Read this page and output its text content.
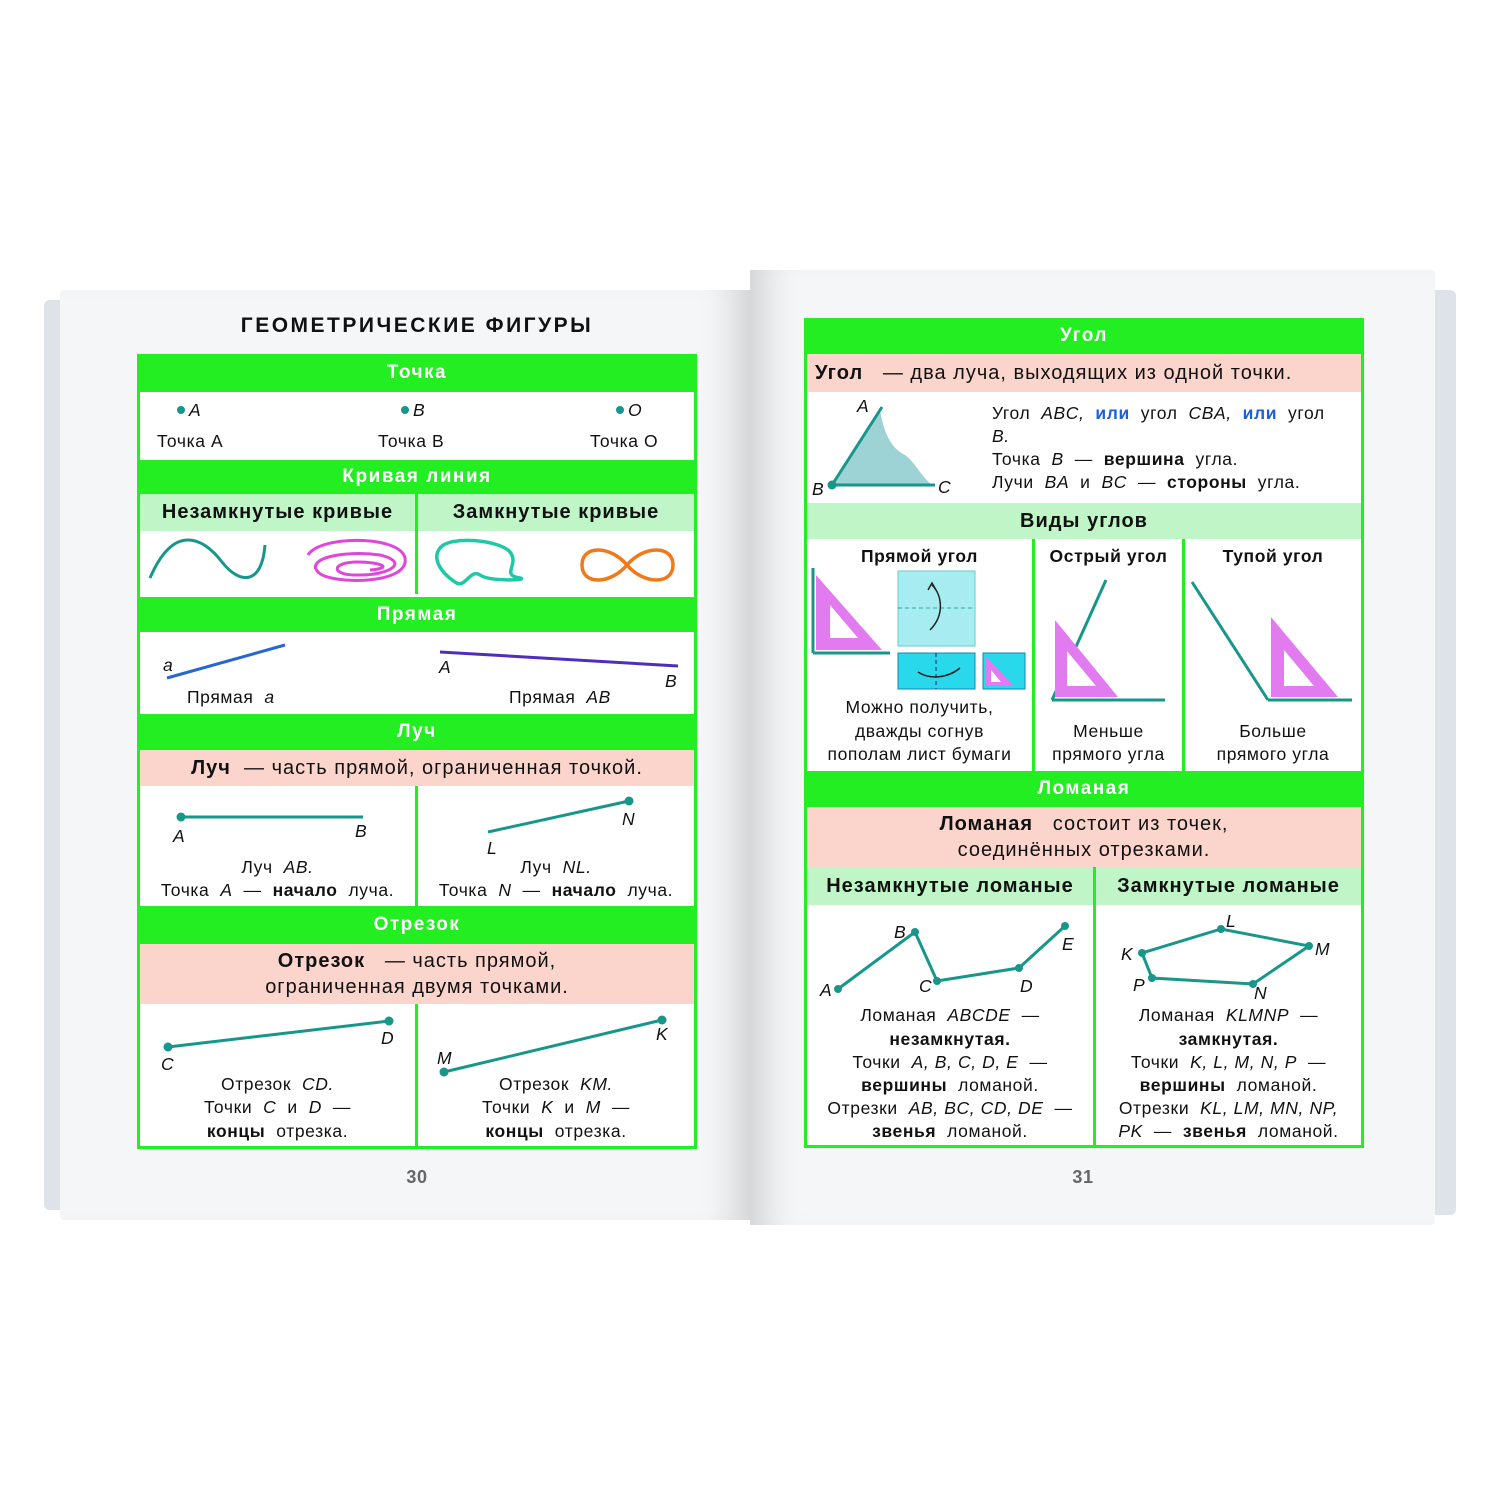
ГЕОМЕТРИЧЕСКИЕ ФИГУРЫ
Точка
A	B	O
Точка A	Точка B	Точка O
Кривая линия
Незамкнутые кривые	Замкнутые кривые
Прямая
a	A
B
Прямая a	Прямая AB
Луч
Луч — часть прямой, ограниченная точкой.
A	B
N
L
Луч AB.
Точка A — начало луча.
Луч NL.
Точка N — начало луча.
Отрезок
Отрезок — часть прямой,
ограниченная двумя точками.
C
D
M
K
Отрезок CD.
Точки C и D —
концы отрезка.
Отрезок KM.
Точки K и M —
концы отрезка.
30
Угол
Угол — два луча, выходящих из одной точки.
A
B	C
Угол ABC, или угол CBA, или угол
B.
Точка B — вершина угла.
Лучи BA и BC — стороны угла.
Виды углов
Прямой угол	Острый угол	Тупой угол
Можно получить,
дважды согнув
пополам лист бумаги
Меньше
прямого угла
Больше
прямого угла
Ломаная
Ломаная состоит из точек,
соединённых отрезками.
Незамкнутые ломаные	Замкнутые ломаные
A
B
C	D
E
Ломаная ABCDE —
незамкнутая.
Точки A, B, C, D, E —
вершины ломаной.
Отрезки AB, BC, CD, DE —
звенья ломаной.
K
L
M
N
P
Ломаная KLMNP —
замкнутая.
Точки K, L, M, N, P —
вершины ломаной.
Отрезки KL, LM, MN, NP,
PK — звенья ломаной.
31
